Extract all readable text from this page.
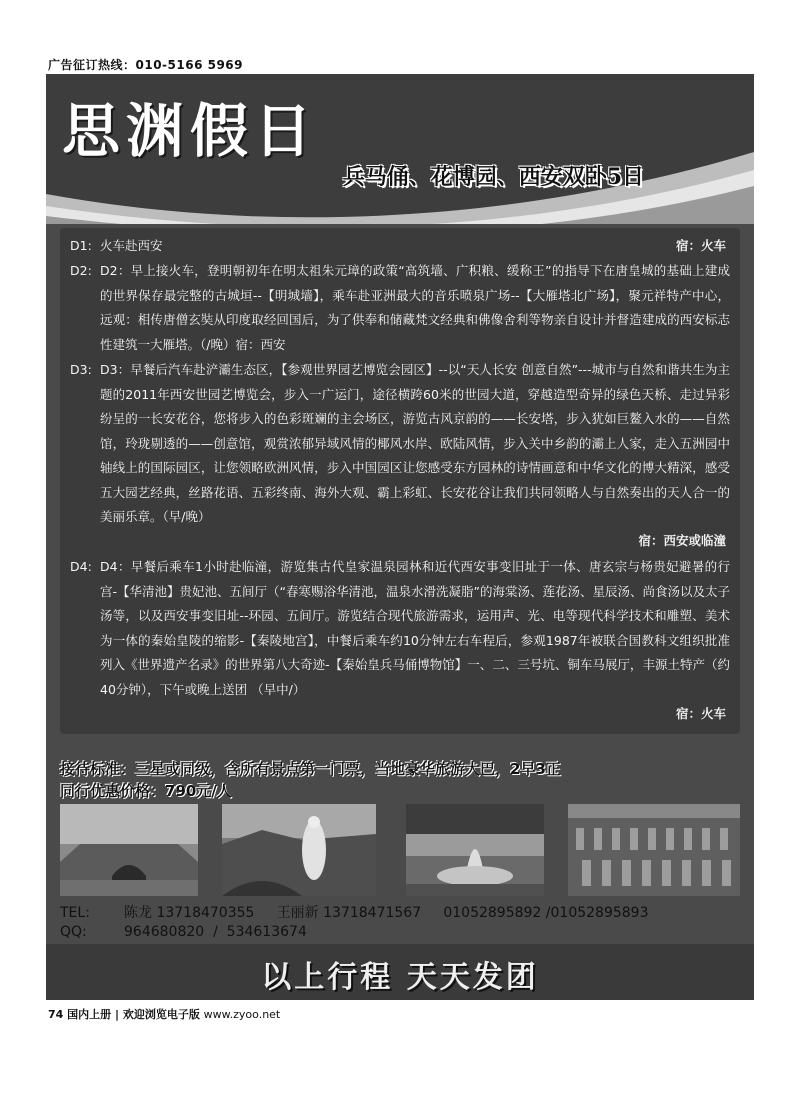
广告征订热线：010-5166 5969
思渊假日
兵马俑、花博园、西安双卧5日
D1: 火车赴西安	宿：火车
D2: D2：早上接火车，登明朝初年在明太祖朱元璋的政策“高筑墙、广积粮、缓称王”的指导下在唐皇城的基础上建成的世界保存最完整的古城垣--【明城墙】，乘车赴亚洲最大的音乐喷泉广场--【大雁塔北广场】，聚元祥特产中心，远观：相传唐僧玄奘从印度取经回国后，为了供奉和储藏梵文经典和佛像舍利等物亲自设计并督造建成的西安标志性建筑一大雁塔。（/晚）宿：西安
D3: D3：早餐后汽车赴浐灞生态区，【参观世界园艺博览会园区】--以“天人长安 创意自然”---城市与自然和谐共生为主题的2011年西安世园艺博览会，步入一广运门，途径横跨60米的世园大道，穿越造型奇异的绿色天桥、走过异彩纷呈的一长安花谷，您将步入的色彩斑斓的主会场区，游览古风京韵的——长安塔，步入犹如巨鳌入水的——自然馆，玲珑剔透的——创意馆，观赏浓郁异域风情的椰风水岸、欧陆风情，步入关中乡韵的灞上人家，走入五洲园中轴线上的国际园区，让您领略欧洲风情，步入中国园区让您感受东方园林的诗情画意和中华文化的博大精深，感受五大园艺经典，丝路花语、五彩终南、海外大观、霸上彩虹、长安花谷让我们共同领略人与自然奏出的天人合一的美丽乐章。（早/晚）
宿：西安或临潼
D4: D4：早餐后乘车1小时赴临潼，游览集古代皇家温泉园林和近代西安事变旧址于一体、唐玄宗与杨贵妃避暑的行宫-【华清池】贵妃池、五间厅（“春寒赐浴华清池，温泉水滑洗凝脂”的海棠汤、莲花汤、星辰汤、尚食汤以及太子汤等，以及西安事变旧址--环园、五间厅。游览结合现代旅游需求，运用声、光、电等现代科学技术和雕塑、美术为一体的秦始皇陵的缩影-【秦陵地宫】，中餐后乘车约10分钟左右车程后，参观1987年被联合国教科文组织批准列入《世界遗产名录》的世界第八大奇迹-【秦始皇兵马俑博物馆】一、二、三号坑、铜车马展厅，丰源土特产（约40分钟），下午或晚上送团 （早中/）
宿：火车
接待标准：三星或同级，含所有景点第一门票，当地豪华旅游大巴，2早3正
同行优惠价格：790元/人
TEL: 陈龙 13718470355     王丽新 13718471567     01052895892 /01052895893
QQ:	964680820  /  534613674
以上行程 天天发团
74 国内上册 | 欢迎浏览电子版 www.zyoo.net
